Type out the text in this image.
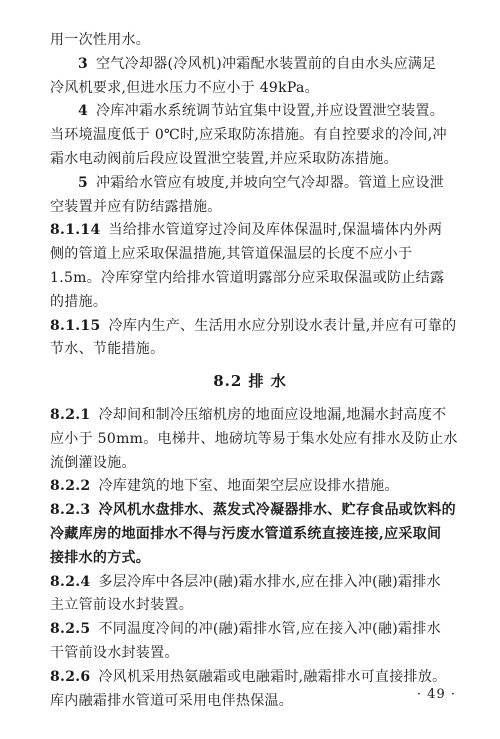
用一次性用水。
3 空气冷却器(冷风机)冲霜配水装置前的自由水头应满足
冷风机要求,但进水压力不应小于 49kPa。
4 冷库冲霜水系统调节站宜集中设置,并应设置泄空装置。
当环境温度低于 0℃时,应采取防冻措施。有自控要求的冷间,冲
霜水电动阀前后段应设置泄空装置,并应采取防冻措施。
5 冲霜给水管应有坡度,并坡向空气冷却器。管道上应设泄
空装置并应有防结露措施。
8.1.14 当给排水管道穿过冷间及库体保温时,保温墙体内外两
侧的管道上应采取保温措施,其管道保温层的长度不应小于
1.5m。冷库穿堂内给排水管道明露部分应采取保温或防止结露
的措施。
8.1.15 冷库内生产、生活用水应分别设水表计量,并应有可靠的
节水、节能措施。
8.2 排 水
8.2.1 冷却间和制冷压缩机房的地面应设地漏,地漏水封高度不
应小于 50mm。电梯井、地磅坑等易于集水处应有排水及防止水
流倒灌设施。
8.2.2 冷库建筑的地下室、地面架空层应设排水措施。
8.2.3 冷风机水盘排水、蒸发式冷凝器排水、贮存食品或饮料的
冷藏库房的地面排水不得与污废水管道系统直接连接,应采取间
接排水的方式。
8.2.4 多层冷库中各层冲(融)霜水排水,应在排入冲(融)霜排水
主立管前设水封装置。
8.2.5 不同温度冷间的冲(融)霜排水管,应在接入冲(融)霜排水
干管前设水封装置。
8.2.6 冷风机采用热氨融霜或电融霜时,融霜排水可直接排放。
库内融霜排水管道可采用电伴热保温。	· 49 ·
